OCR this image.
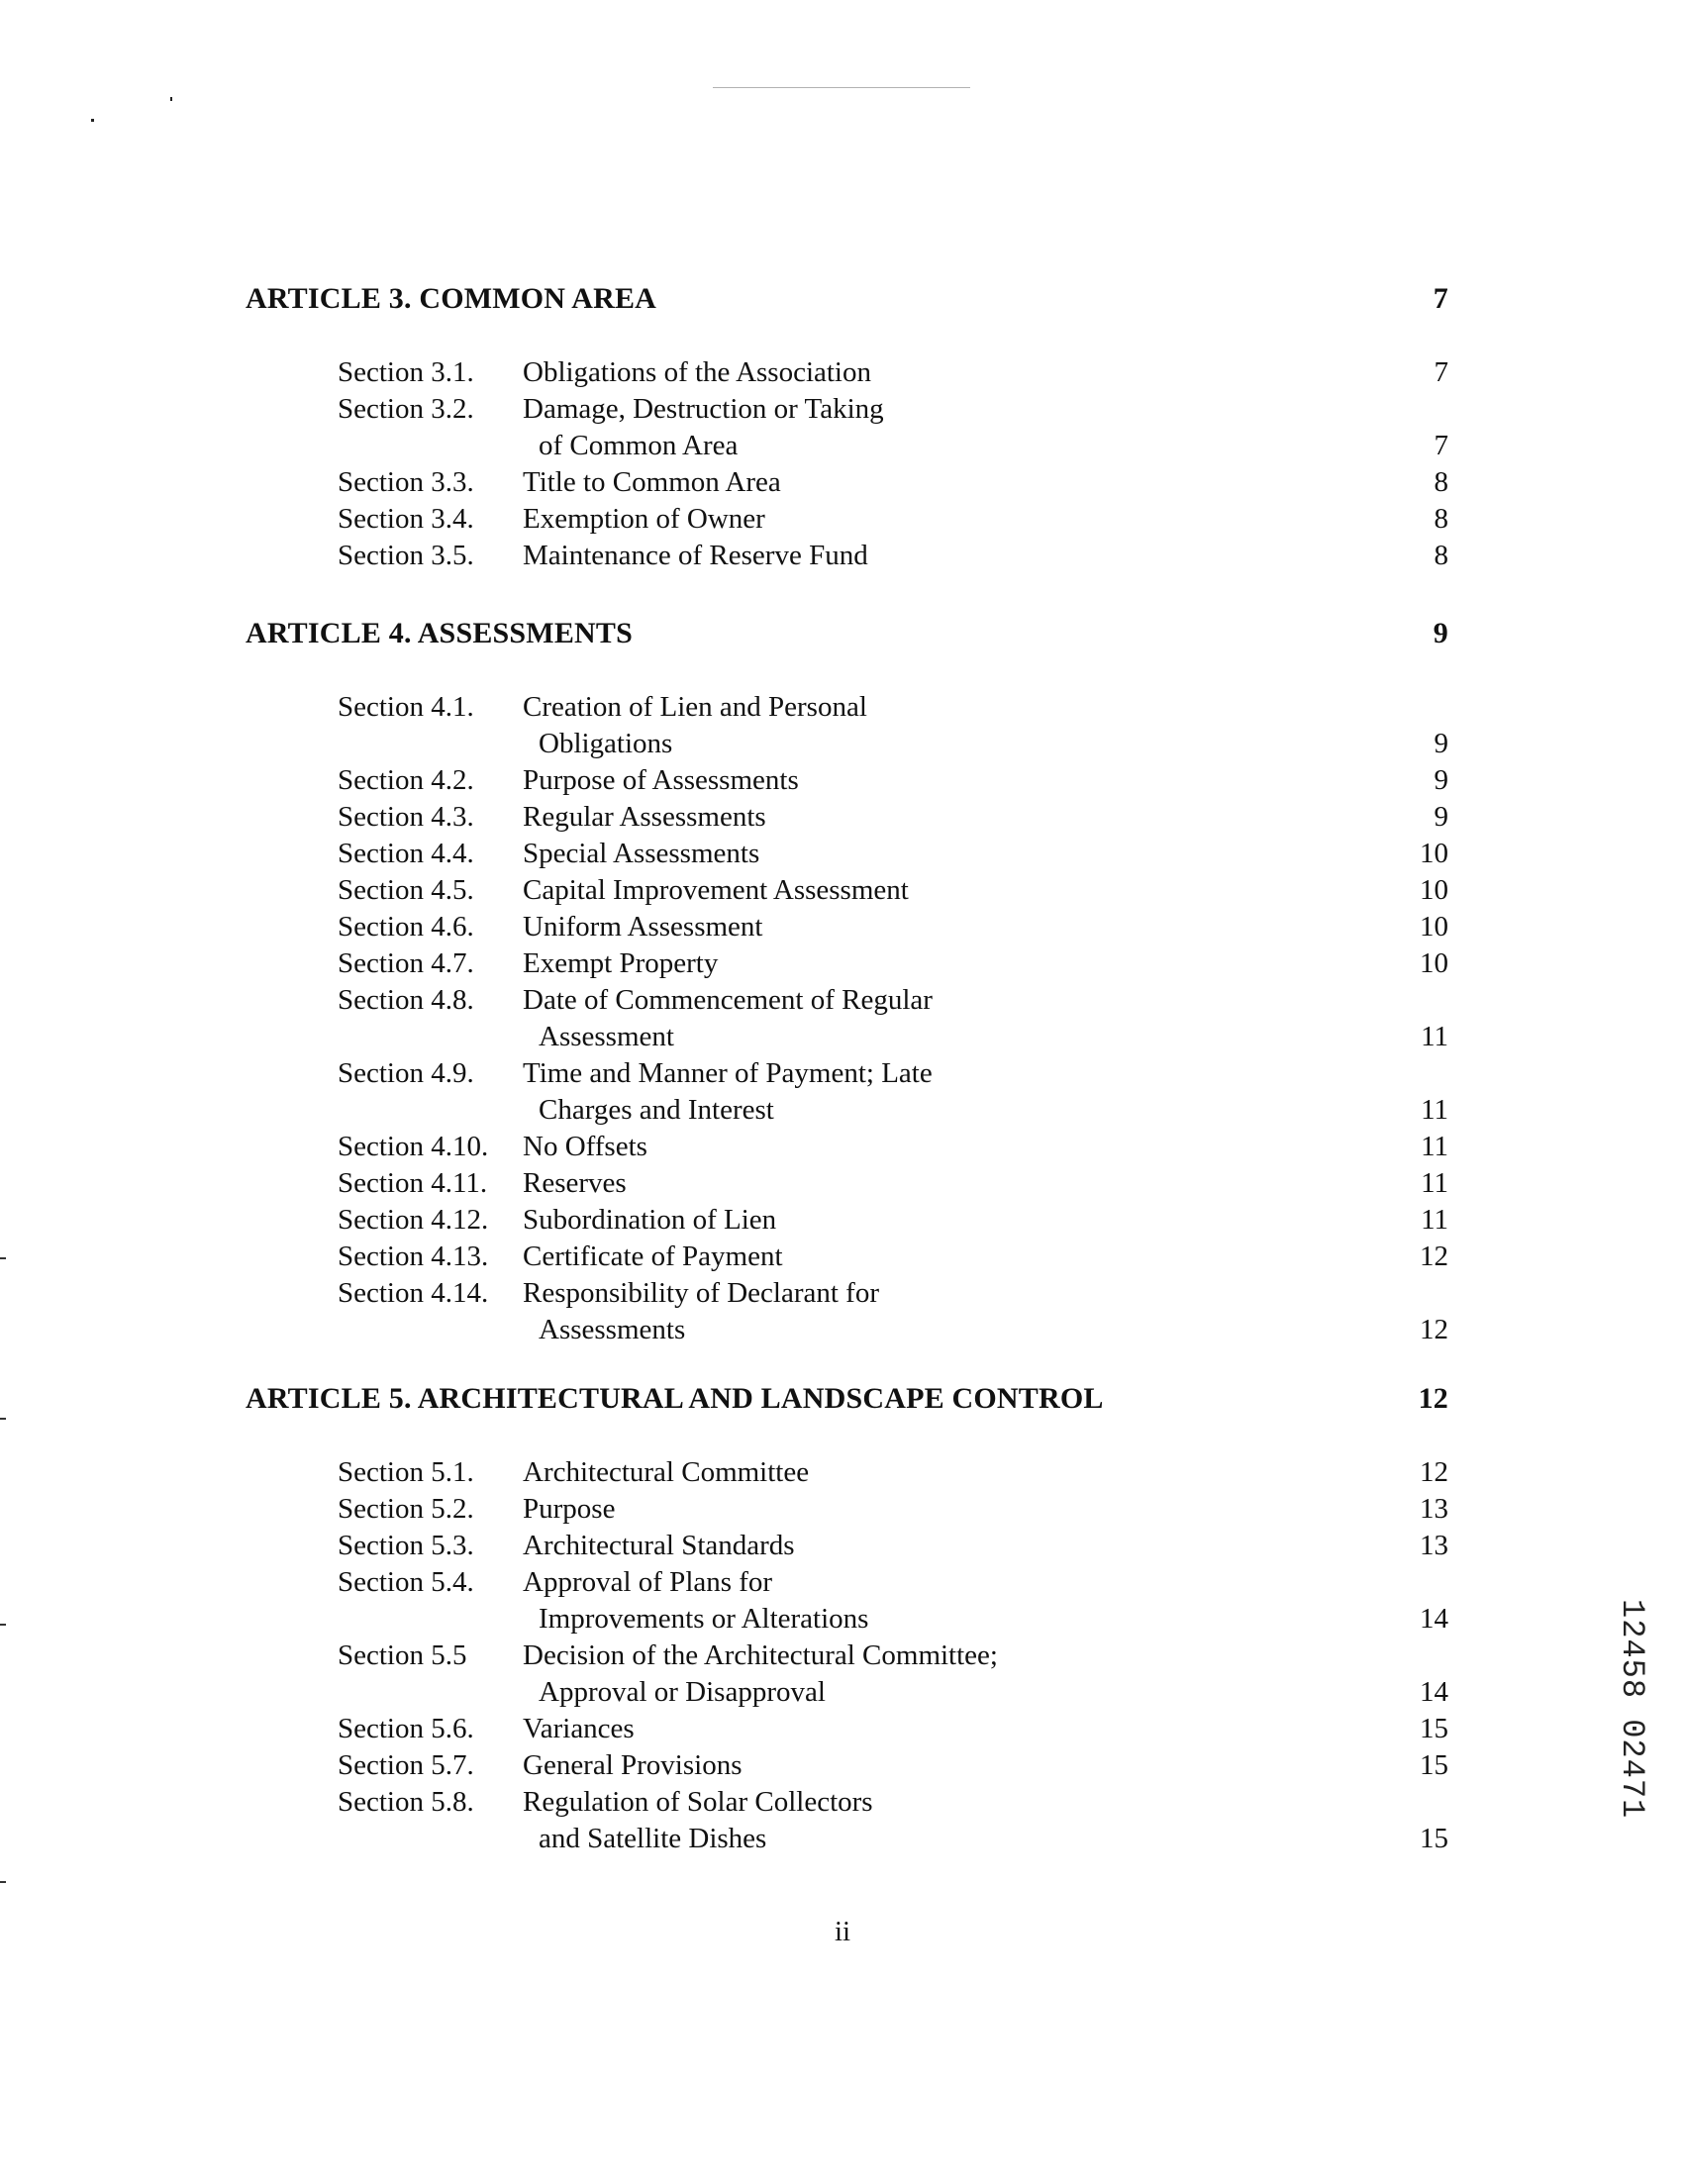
ARTICLE 3. COMMON AREA	7
Section 3.1. Obligations of the Association	7
Section 3.2. Damage, Destruction or Taking
of Common Area	7
Section 3.3. Title to Common Area	8
Section 3.4. Exemption of Owner	8
Section 3.5. Maintenance of Reserve Fund	8
ARTICLE 4. ASSESSMENTS	9
Section 4.1. Creation of Lien and Personal
Obligations	9
Section 4.2. Purpose of Assessments	9
Section 4.3. Regular Assessments	9
Section 4.4. Special Assessments	10
Section 4.5. Capital Improvement Assessment	10
Section 4.6. Uniform Assessment	10
Section 4.7. Exempt Property	10
Section 4.8. Date of Commencement of Regular
Assessment	11
Section 4.9. Time and Manner of Payment; Late
Charges and Interest	11
Section 4.10. No Offsets	11
Section 4.11. Reserves	11
Section 4.12. Subordination of Lien	11
Section 4.13. Certificate of Payment	12
Section 4.14. Responsibility of Declarant for
Assessments	12
ARTICLE 5. ARCHITECTURAL AND LANDSCAPE CONTROL	12
Section 5.1. Architectural Committee	12
Section 5.2. Purpose	13
Section 5.3. Architectural Standards	13
Section 5.4. Approval of Plans for
Improvements or Alterations	14
Section 5.5 Decision of the Architectural Committee;
Approval or Disapproval	14
Section 5.6. Variances	15
Section 5.7. General Provisions	15
Section 5.8. Regulation of Solar Collectors
and Satellite Dishes	15
ii
12458 02471
